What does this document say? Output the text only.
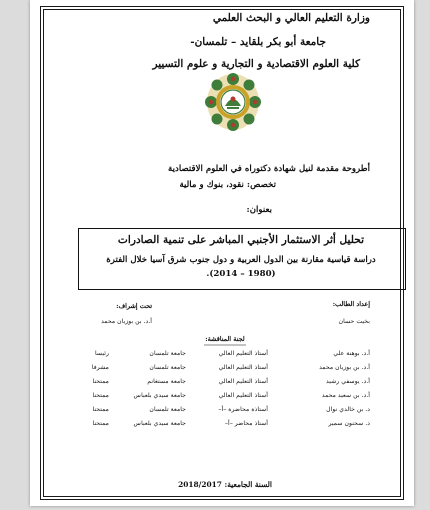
وزارة التعليم العالي و البحث العلمي
جامعة أبو بكر بلقايد – تلمسان-
كلية العلوم الاقتصادية و التجارية و علوم التسيير
أطروحة مقدمة لنيل شهادة دكتوراه في العلوم الاقتصادية
تخصص: نقود، بنوك و مالية
بعنوان:
تحليل أثر الاستثمار الأجنبي المباشر على تنمية الصادرات
دراسة قياسية مقارنة بين الدول العربية و دول جنوب شرق آسيا خلال الفترة
(1980 – 2014).
إعداد الطالب:
بخيت حسان
تحت إشراف:
أ.د. بن بوزيان محمد
لجنة المناقشة:
أ.د. بوهنة علي
أستاذ التعليم العالي
جامعة تلمسان
رئيسا
أ.د. بن بوزيان محمد
أستاذ التعليم العالي
جامعة تلمسان
مشرفا
أ.د. يوسفي رشيد
أستاذ التعليم العالي
جامعة مستغانم
ممتحنا
أ.د. بن سعيد محمد
أستاذ التعليم العالي
جامعة سيدي بلعباس
ممتحنا
د. بن خالدي نوال
أستاذة محاضرة –أ–
جامعة تلمسان
ممتحنا
د. سحنون سمير
أستاذ محاضر –أ–
جامعة سيدي بلعباس
ممتحنا
السنة الجامعية: 2018/2017
